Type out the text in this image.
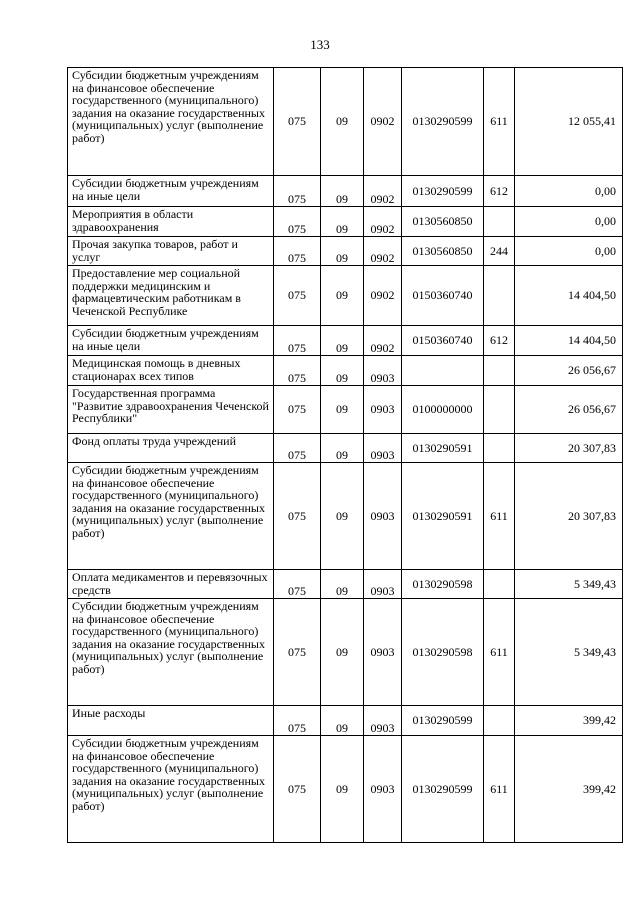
133
Субсидии бюджетным учреждениям на финансовое обеспечение государственного (муниципального) задания на оказание государственных (муниципальных) услуг (выполнение работ)	075	09	0902	0130290599	611	12 055,41
Субсидии бюджетным учреждениям на иные цели	075	09	0902	0130290599	612	0,00
Мероприятия в области здравоохранения	075	09	0902	0130560850		0,00
Прочая закупка товаров, работ и услуг	075	09	0902	0130560850	244	0,00
Предоставление мер социальной поддержки медицинским и фармацевтическим работникам в Чеченской Республике	075	09	0902	0150360740		14 404,50
Субсидии бюджетным учреждениям на иные цели	075	09	0902	0150360740	612	14 404,50
Медицинская помощь в дневных стационарах всех типов	075	09	0903			26 056,67
Государственная программа "Развитие здравоохранения Чеченской Республики"	075	09	0903	0100000000		26 056,67
Фонд оплаты труда учреждений	075	09	0903	0130290591		20 307,83
Субсидии бюджетным учреждениям на финансовое обеспечение государственного (муниципального) задания на оказание государственных (муниципальных) услуг (выполнение работ)	075	09	0903	0130290591	611	20 307,83
Оплата медикаментов и перевязочных средств	075	09	0903	0130290598		5 349,43
Субсидии бюджетным учреждениям на финансовое обеспечение государственного (муниципального) задания на оказание государственных (муниципальных) услуг (выполнение работ)	075	09	0903	0130290598	611	5 349,43
Иные расходы	075	09	0903	0130290599		399,42
Субсидии бюджетным учреждениям на финансовое обеспечение государственного (муниципального) задания на оказание государственных (муниципальных) услуг (выполнение работ)	075	09	0903	0130290599	611	399,42
